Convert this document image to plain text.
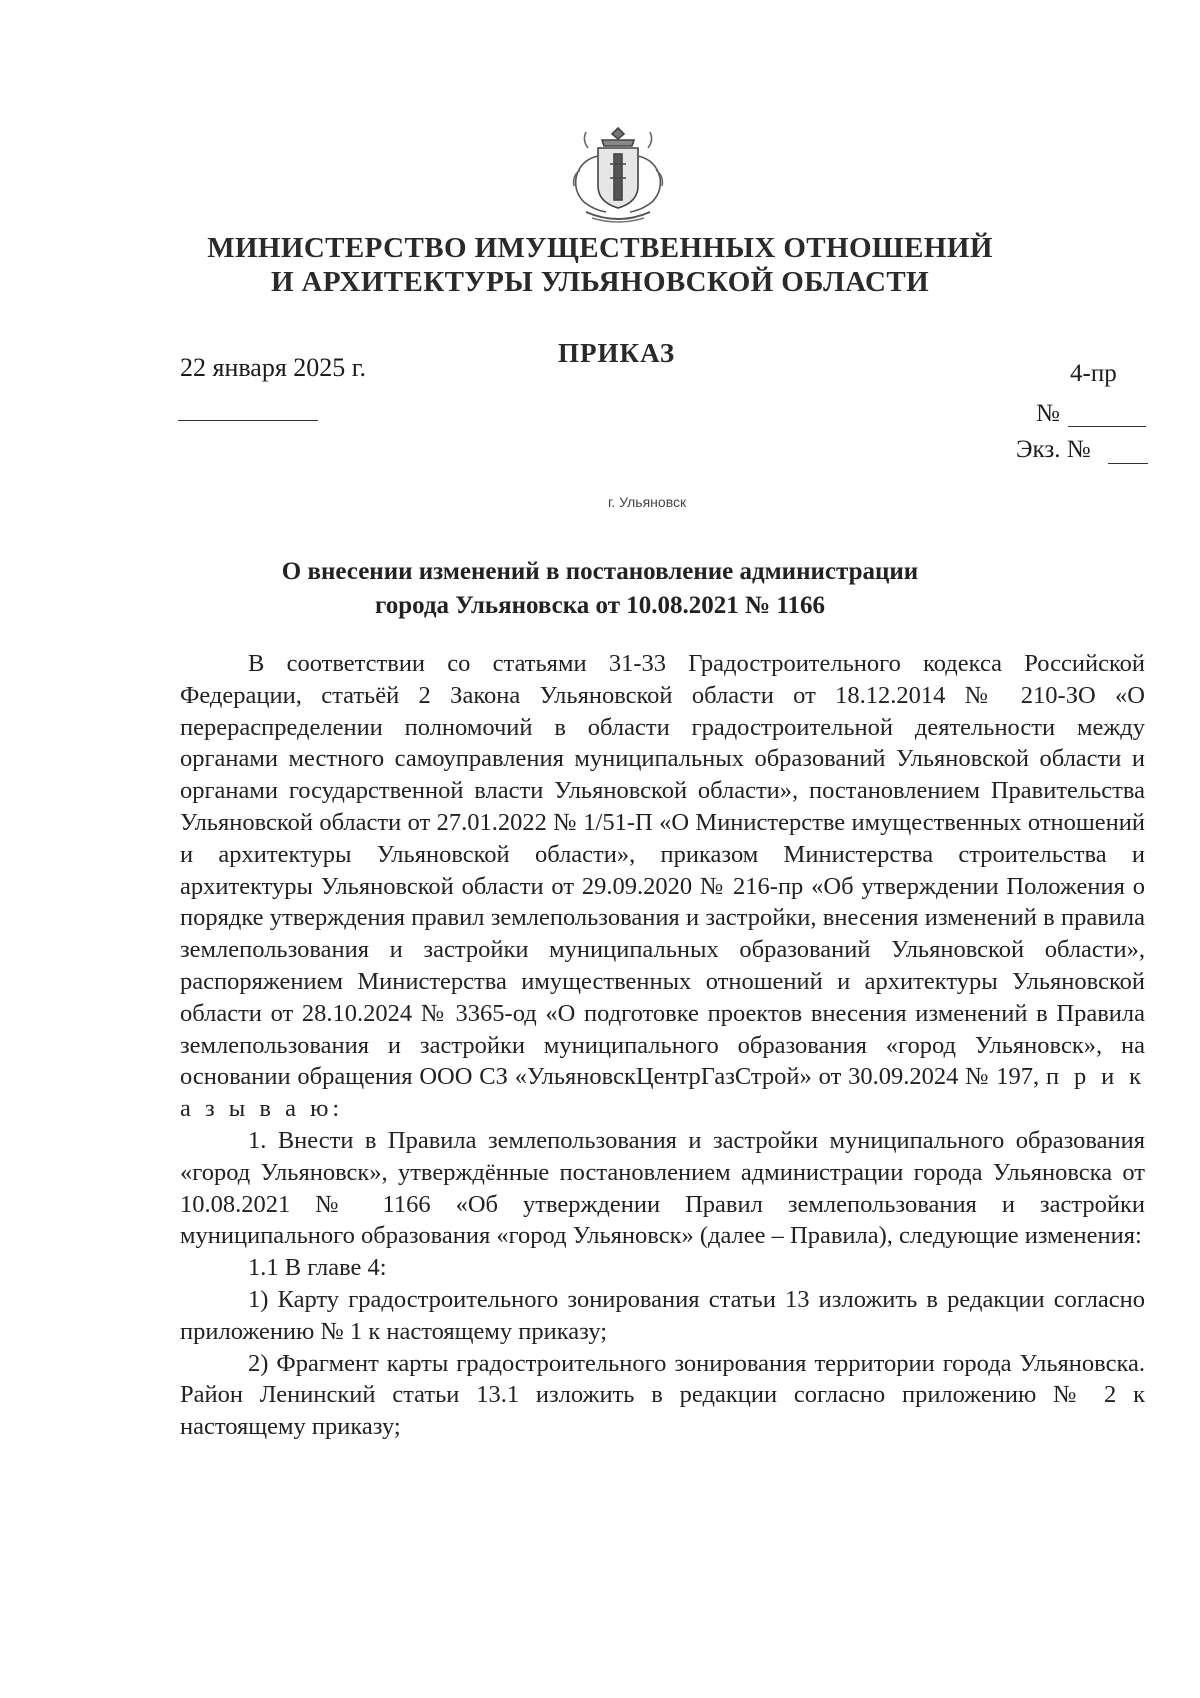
МИНИСТЕРСТВО ИМУЩЕСТВЕННЫХ ОТНОШЕНИЙ
И АРХИТЕКТУРЫ УЛЬЯНОВСКОЙ ОБЛАСТИ
ПРИКАЗ
22 января 2025 г.	4-пр
№
Экз. №
г. Ульяновск
О внесении изменений в постановление администрации
города Ульяновска от 10.08.2021 № 1166

В соответствии со статьями 31-33 Градостроительного кодекса Российской Федерации, статьёй 2 Закона Ульяновской области от 18.12.2014 № 210-ЗО «О перераспределении полномочий в области градостроительной деятельности между органами местного самоуправления муниципальных образований Ульяновской области и органами государственной власти Ульяновской области», постановлением Правительства Ульяновской области от 27.01.2022 № 1/51-П «О Министерстве имущественных отношений и архитектуры Ульяновской области», приказом Министерства строительства и архитектуры Ульяновской области от 29.09.2020 № 216-пр «Об утверждении Положения о порядке утверждения правил землепользования и застройки, внесения изменений в правила землепользования и застройки муниципальных образований Ульяновской области», распоряжением Министерства имущественных отношений и архитектуры Ульяновской области от 28.10.2024 № 3365-од «О подготовке проектов внесения изменений в Правила землепользования и застройки муниципального образования «город Ульяновск», на основании обращения ООО СЗ «УльяновскЦентрГазСтрой» от 30.09.2024 № 197, п р и к а з ы в а ю:

1. Внести в Правила землепользования и застройки муниципального образования «город Ульяновск», утверждённые постановлением администрации города Ульяновска от 10.08.2021 № 1166 «Об утверждении Правил землепользования и застройки муниципального образования «город Ульяновск» (далее – Правила), следующие изменения:

1.1 В главе 4:

1) Карту градостроительного зонирования статьи 13 изложить в редакции согласно приложению № 1 к настоящему приказу;

2) Фрагмент карты градостроительного зонирования территории города Ульяновска. Район Ленинский статьи 13.1 изложить в редакции согласно приложению № 2 к настоящему приказу;
